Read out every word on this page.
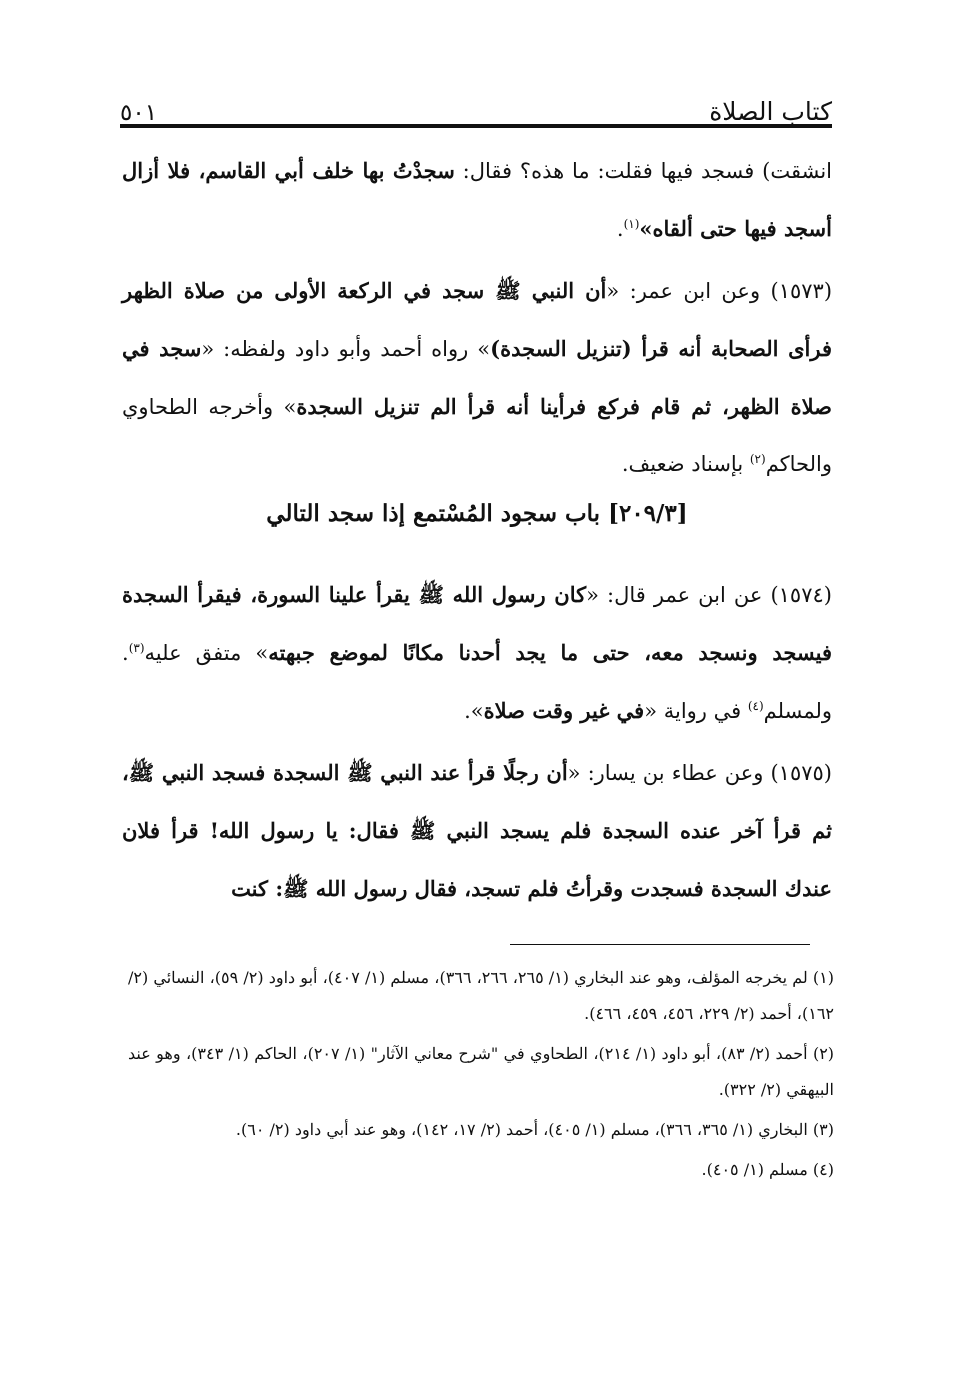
كتاب الصلاة
٥٠١

انشقت) فسجد فيها فقلت: ما هذه؟ فقال: سجدْتُ بها خلف أبي القاسم، فلا أزال أسجد فيها حتى ألقاه»$^{(١)}$.

(١٥٧٣) وعن ابن عمر: «أن النبي ﷺ سجد في الركعة الأولى من صلاة الظهر فرأى الصحابة أنه قرأ (تنزيل السجدة)» رواه أحمد وأبو داود ولفظه: «سجد في صلاة الظهر، ثم قام فركع فرأينا أنه قرأ الم تنزيل السجدة» وأخرجه الطحاوي والحاكم$^{(٢)}$ بإسناد ضعيف.

[٢٠٩/٣] باب سجود المُسْتمع إذا سجد التالي

(١٥٧٤) عن ابن عمر قال: «كان رسول الله ﷺ يقرأ علينا السورة، فيقرأ السجدة فيسجد ونسجد معه، حتى ما يجد أحدنا مكانًا لموضع جبهته» متفق عليه$^{(٣)}$. ولمسلم$^{(٤)}$ في رواية «في غير وقت صلاة».

(١٥٧٥) وعن عطاء بن يسار: «أن رجلًا قرأ عند النبي ﷺ السجدة فسجد النبي ﷺ، ثم قرأ آخر عنده السجدة فلم يسجد النبي ﷺ فقال: يا رسول الله! قرأ فلان عندك السجدة فسجدت وقرأتُ فلم تسجد، فقال رسول الله ﷺ: كنت

(١) لم يخرجه المؤلف، وهو عند البخاري (١/ ٢٦٥، ٢٦٦، ٣٦٦)، مسلم (١/ ٤٠٧)، أبو داود (٢/ ٥٩)، النسائي (٢/ ١٦٢)، أحمد (٢/ ٢٢٩، ٤٥٦، ٤٥٩، ٤٦٦).

(٢) أحمد (٢/ ٨٣)، أبو داود (١/ ٢١٤)، الطحاوي في "شرح معاني الآثار" (١/ ٢٠٧)، الحاكم (١/ ٣٤٣)، وهو عند البيهقي (٢/ ٣٢٢).

(٣) البخاري (١/ ٣٦٥، ٣٦٦)، مسلم (١/ ٤٠٥)، أحمد (٢/ ١٧، ١٤٢)، وهو عند أبي داود (٢/ ٦٠).

(٤) مسلم (١/ ٤٠٥).
